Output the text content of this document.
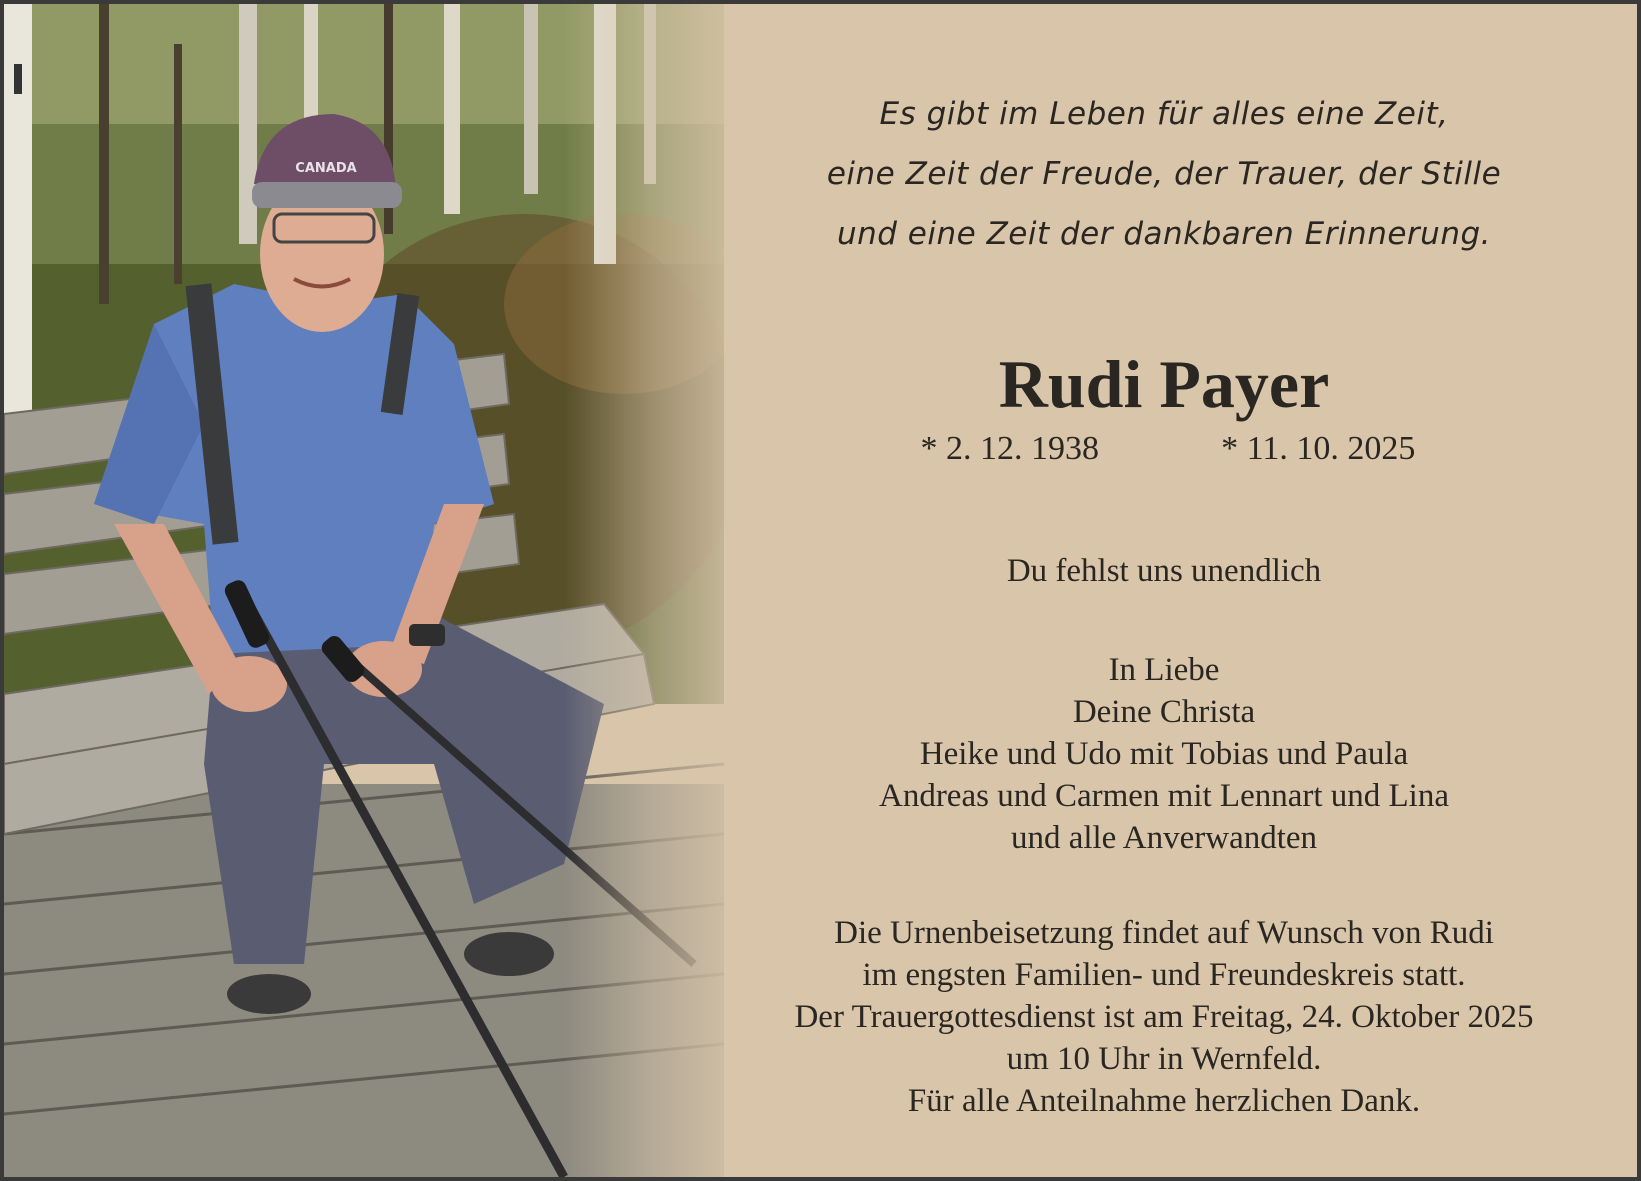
CANADA
Es gibt im Leben für alles eine Zeit,
eine Zeit der Freude, der Trauer, der Stille
und eine Zeit der dankbaren Erinnerung.
Rudi Payer
* 2. 12. 1938	* 11. 10. 2025
Du fehlst uns unendlich
In Liebe
Deine Christa
Heike und Udo mit Tobias und Paula
Andreas und Carmen mit Lennart und Lina
und alle Anverwandten
Die Urnenbeisetzung findet auf Wunsch von Rudi
im engsten Familien- und Freundeskreis statt.
Der Trauergottesdienst ist am Freitag, 24. Oktober 2025
um 10 Uhr in Wernfeld.
Für alle Anteilnahme herzlichen Dank.
